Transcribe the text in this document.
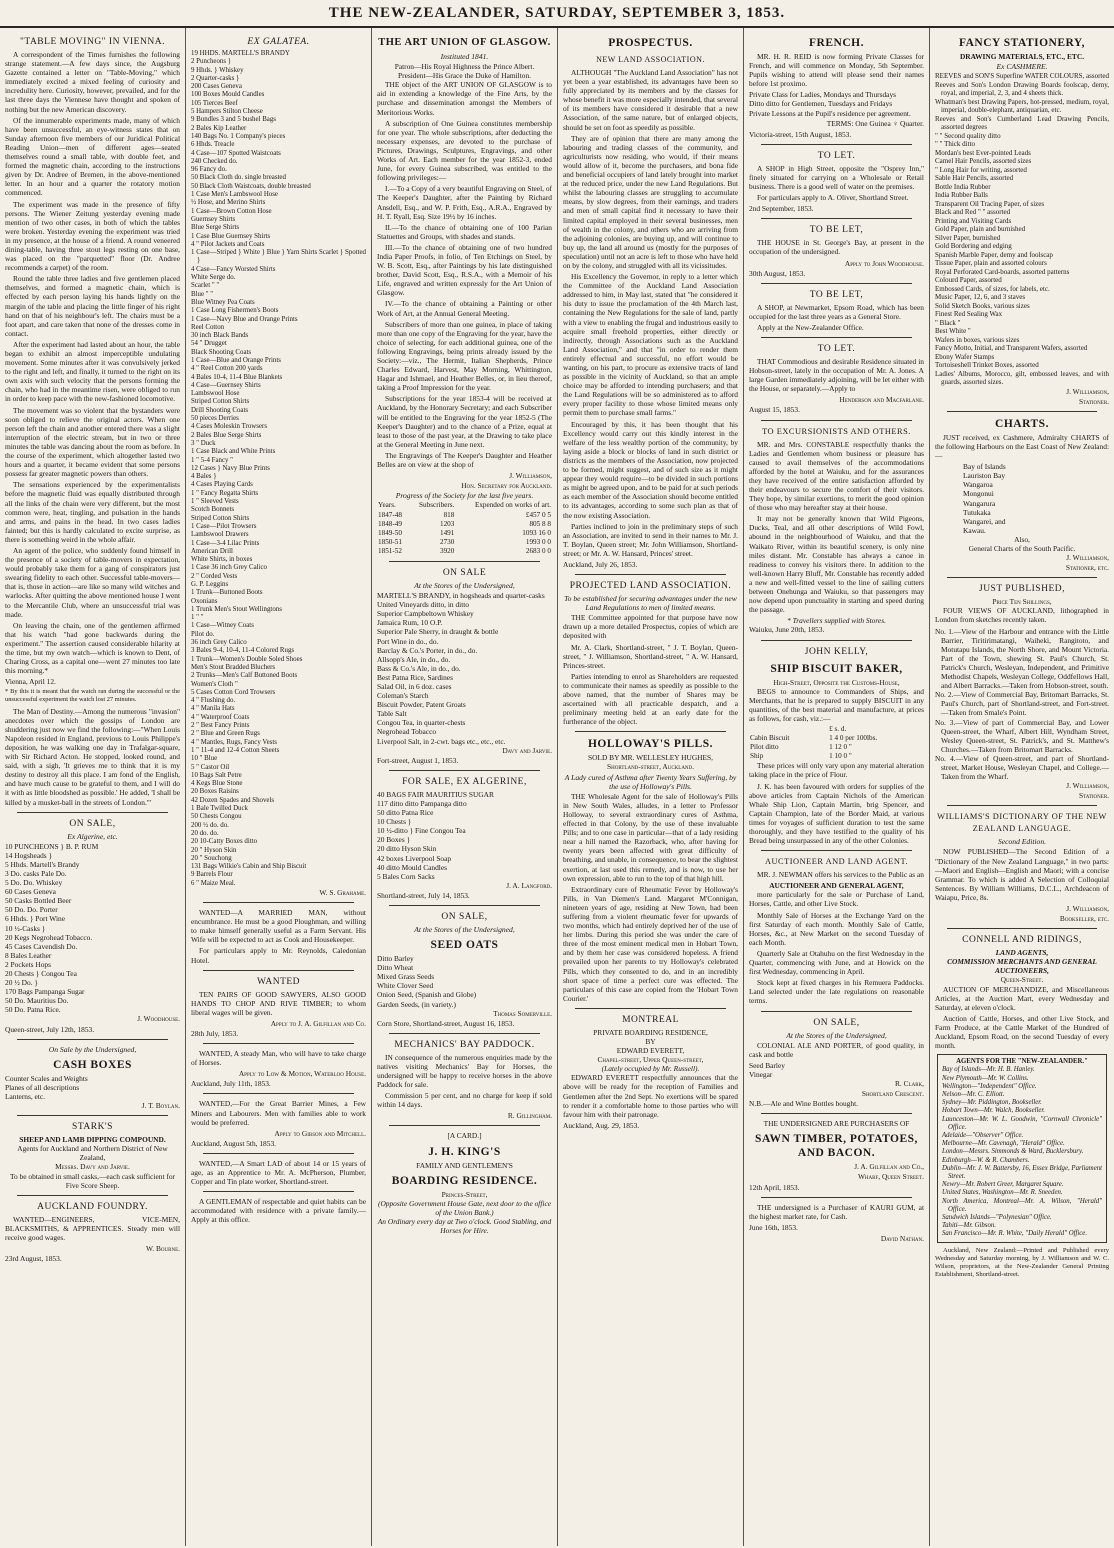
THE NEW-ZEALANDER, SATURDAY, SEPTEMBER 3, 1853.
"TABLE MOVING" IN VIENNA.

A correspondent of the Times furnishes the following strange statement.—A few days since, the Augsburg Gazette contained a letter on "Table-Moving," which immediately excited a mixed feeling of curiosity and incredulity here. Curiosity, however, prevailed, and for the last three days the Viennese have thought and spoken of nothing but the new American discovery.

Of the innumerable experiments made, many of which have been unsuccessful, an eye-witness states that on Sunday afternoon five members of our Juridical Political Reading Union—men of different ages—seated themselves round a small table, with double feet, and formed the magnetic chain, according to the instructions given by Dr. Andree of Bremen, in the above-mentioned letter. In an hour and a quarter the rotatory motion commenced.

The experiment was made in the presence of fifty persons. The Wiener Zeitung yesterday evening made mention of two other cases, in both of which the tables were broken. Yesterday evening the experiment was tried in my presence, at the house of a friend. A round veneered dining-table, having three stout legs resting on one base, was placed on the "parquetted" floor (Dr. Andree recommends a carpet) of the room.

Round the table three ladies and five gentlemen placed themselves, and formed a magnetic chain, which is effected by each person laying his hands lightly on the margin of the table and placing the little finger of his right hand on that of his neighbour's left. The chairs must be a foot apart, and care taken that none of the dresses come in contact.

After the experiment had lasted about an hour, the table began to exhibit an almost imperceptible undulating movement. Some minutes after it was convulsively jerked to the right and left, and finally, it turned to the right on its own axis with such velocity that the persons forming the chain, who had in the meantime risen, were obliged to run in order to keep pace with the new-fashioned locomotive.

The movement was so violent that the bystanders were soon obliged to relieve the original actors. When one person left the chain and another entered there was a slight interruption of the electric stream, but in two or three minutes the table was dancing about the room as before. In the course of the experiment, which altogether lasted two hours and a quarter, it became evident that some persons possess far greater magnetic powers than others.

The sensations experienced by the experimentalists before the magnetic fluid was equally distributed through all the links of the chain were very different, but the most common were, heat, tingling, and pulsation in the hands and arms, and pains in the head. In two cases ladies fainted; but this is hardly calculated to excite surprise, as there is something weird in the whole affair.

An agent of the police, who suddenly found himself in the presence of a society of table-movers in expectation, would probably take them for a gang of conspirators just swearing fidelity to each other. Successful table-movers—that is, those in action—are like so many wild witches and warlocks. After quitting the above mentioned house I went to the Mercantile Club, where an unsuccessful trial was made.

On leaving the chain, one of the gentlemen affirmed that his watch "had gone backwards during the experiment." The assertion caused considerable hilarity at the time, but my own watch—which is known to Dent, of Charing Cross, as a capital one—went 27 minutes too late this morning.*

Vienna, April 12.

* By this it is meant that the watch ran during the successful or the unsuccessful experiment the watch lost 27 minutes.

The Man of Destiny.—Among the numerous "invasion" anecdotes over which the gossips of London are shuddering just now we find the following:—"When Louis Napoleon resided in England, previous to Louis Philippe's deposition, he was walking one day in Trafalgar-square, with Sir Richard Acton. He stopped, looked round, and said, with a sigh, 'It grieves me to think that it is my destiny to destroy all this place. I am fond of the English, and have much cause to be grateful to them, and I will do it with as little bloodshed as possible.' He added, 'I shall be killed by a musket-ball in the streets of London.'"

ON SALE,
Ex Algerine, etc.

10 PUNCHEONS } B. P. RUM

14 Hogsheads }

5 Hhds. Martell's Brandy

3 Do. casks Pale Do.

5 Do. Do. Whiskey

60 Cases Geneva

50 Casks Bottled Beer

50 Do. Do. Porter

6 Hhds. } Port Wine

10 ½-Casks }

20 Kegs Negrohead Tobacco.

45 Cases Cavendish Do.

8 Bales Leather

2 Pockets Hops

20 Chests } Congou Tea

20 ½ Do. }

170 Bags Pampanga Sugar

50 Do. Mauritius Do.

50 Do. Patna Rice.

J. Woodhouse.

Queen-street, July 12th, 1853.

On Sale by the Undersigned,
CASH BOXES

Counter Scales and Weights

Planes of all descriptions

Lanterns, etc.

J. T. Boylan.

STARK'S

SHEEP AND LAMB DIPPING COMPOUND.

Agents for Auckland and Northern District of New Zealand,

Messrs. Davy and Jarvie.

To be obtained in small casks,—each cask sufficient for Five Score Sheep.

AUCKLAND FOUNDRY.

WANTED—ENGINEERS, VICE-MEN, BLACKSMITHS, & APPRENTICES. Steady men will receive good wages.

W. Bourne.

23rd August, 1853.

EX GALATEA.

19 HHDS. MARTELL'S BRANDY

2 Puncheons }

9 Hhds. } Whiskey

2 Quarter-casks }

200 Cases Geneva

100 Boxes Mould Candles

105 Tierces Beef

5 Hampers Stilton Cheese

9 Bundles 3 and 5 bushel Bags

2 Bales Kip Leather

140 Bags No. 1 Company's pieces

6 Hhds. Treacle

4 Case—107 Spotted Waistcoats

240 Checked do.

96 Fancy do.

50 Black Cloth do. single breasted

50 Black Cloth Waistcoats, double breasted

1 Case Men's Lambswool Hose

½ Hose, and Merino Shirts

1 Case—Brown Cotton Hose

Guernsey Shirts

Blue Serge Shirts

1 Case Blue Guernsey Shirts

4 " Pilot Jackets and Coats

1 Case—Striped } White } Blue } Yarn Shirts Scarlet } Spotted }

4 Case—Fancy Worsted Shirts

White Serge do.

Scarlet " "

Blue " "

Blue Witney Pea Coats

1 Case Long Fishermen's Boots

1 Case—Navy Blue and Orange Prints

Reel Cotton

30 inch Black Bands

54 " Drugget

Black Shooting Coats

1 Case—Blue and Orange Prints

4 " Reel Cotton 200 yards

4 Bales 10-4, 11-4 Blue Blankets

4 Case—Guernsey Shirts

Lambswool Hose

Striped Cotton Shirts

Drill Shooting Coats

50 pieces Derries

4 Cases Moleskin Trowsers

2 Bales Blue Serge Shirts

3 " Duck

1 Case Black and White Prints

1 " 5-4 Fancy "

12 Cases } Navy Blue Prints

4 Bales }

4 Cases Playing Cards

1 " Fancy Regatta Shirts

1 " Sleeved Vests

Scotch Bonnets

Striped Cotton Shirts

1 Case—Pilot Trowsers

Lambswool Drawers

1 Case—3-4 Lilac Prints

American Drill

White Shirts, in boxes

1 Case 36 inch Grey Calico

2 " Corded Vests

G. P. Leggins

1 Trunk—Buttoned Boots

Oxonians

1 Trunk Men's Stout Wellingtons

1 " "

1 Case—Witney Coats

Pilot do.

36 inch Grey Calico

3 Bales 9-4, 10-4, 11-4 Colored Rugs

1 Trunk—Women's Double Soled Shoes

Men's Stout Bradded Bluchers

2 Trunks—Men's Calf Buttoned Boots

Women's Cloth "

5 Cases Cotton Cord Trowsers

4 " Flushing do.

4 " Manila Hats

4 " Waterproof Coats

2 " Best Fancy Prints

2 " Blue and Green Rugs

4 " Mantles, Rugs, Fancy Vests

1 " 11-4 and 12-4 Cotton Sheets

10 " Blue

5 " Castor Oil

10 Bags Salt Petre

4 Kegs Blue Stone

20 Boxes Raisins

42 Dozen Spades and Shovels

1 Bale Twilled Duck

50 Chests Congou

200 ½ do. do.

20 do. do.

20 10-Catty Boxes ditto

20 " Hyson Skin

20 " Souchong

131 Bags Wilkie's Cabin and Ship Biscuit

9 Barrels Flour

6 " Maize Meal.

W. S. Grahame.

WANTED—A MARRIED MAN, without encumbrance. He must be a good Ploughman, and willing to make himself generally useful as a Farm Servant. His Wife will be expected to act as Cook and Housekeeper.

For particulars apply to Mr. Reynolds, Caledonian Hotel.

WANTED

TEN PAIRS OF GOOD SAWYERS, ALSO GOOD HANDS TO CHOP AND RIVE TIMBER; to whom liberal wages will be given.

Apply to J. A. Gilfillan and Co.

28th July, 1853.

WANTED, A steady Man, who will have to take charge of Horses.

Apply to Low & Motion, Waterloo House.

Auckland, July 11th, 1853.

WANTED,—For the Great Barrier Mines, a Few Miners and Labourers. Men with families able to work would be preferred.

Apply to Gibson and Mitchell.

Auckland, August 5th, 1853.

WANTED,—A Smart LAD of about 14 or 15 years of age, as an Apprentice to Mr. A. McPherson, Plumber, Copper and Tin plate worker, Shortland-street.

A GENTLEMAN of respectable and quiet habits can be accommodated with residence with a private family.—Apply at this office.

THE ART UNION OF GLASGOW.
Instituted 1841.

Patron—His Royal Highness the Prince Albert.

President—His Grace the Duke of Hamilton.

THE object of the ART UNION OF GLASGOW is to aid in extending a knowledge of the Fine Arts, by the purchase and dissemination amongst the Members of Meritorious Works.

A subscription of One Guinea constitutes membership for one year. The whole subscriptions, after deducting the necessary expenses, are devoted to the purchase of Pictures, Drawings, Sculptures, Engravings, and other Works of Art. Each member for the year 1852-3, ended June, for every Guinea subscribed, was entitled to the following privileges:—

I.—To a Copy of a very beautiful Engraving on Steel, of The Keeper's Daughter, after the Painting by Richard Ansdell, Esq., and W. P. Frith, Esq., A.R.A., Engraved by H. T. Ryall, Esq. Size 19½ by 16 inches.

II.—To the chance of obtaining one of 100 Parian Statuettes and Groups, with shades and stands.

III.—To the chance of obtaining one of two hundred India Paper Proofs, in folio, of Ten Etchings on Steel, by W. B. Scott, Esq., after Paintings by his late distinguished brother, David Scott, Esq., R.S.A., with a Memoir of his Life, engraved and written expressly for the Art Union of Glasgow.

IV.—To the chance of obtaining a Painting or other Work of Art, at the Annual General Meeting.

Subscribers of more than one guinea, in place of taking more than one copy of the Engraving for the year, have the choice of selecting, for each additional guinea, one of the following Engravings, being prints already issued by the Society:—viz., The Hermit, Italian Shepherds, Prince Charles Edward, Harvest, May Morning, Whittington, Hagar and Ishmael, and Heather Belles, or, in lieu thereof, taking a Proof Impression for the year.

Subscriptions for the year 1853-4 will be received at Auckland, by the Honorary Secretary; and each Subscriber will be entitled to the Engraving for the year 1852-5 (The Keeper's Daughter) and to the chance of a Prize, equal at least to those of the past year, at the Drawing to take place at the General Meeting in June next.

The Engravings of The Keeper's Daughter and Heather Belles are on view at the shop of

J. Williamson,

Hon. Secretary for Auckland.

Progress of the Society for the last five years.
Years.	Subscribers.	Expended on works of art.
1847-48	818	£457 0 5
1848-49	1203	805 8 8
1849-50	1491	1093 16 0
1850-51	2730	1993 0 0
1851-52	3920	2683 0 0
ON SALE
At the Stores of the Undersigned,

MARTELL'S BRANDY, in hogsheads and quarter-casks

United Vineyards ditto, in ditto

Superior Campbeltown Whiskey

Jamaica Rum, 10 O.P.

Superior Pale Sherry, in draught & bottle

Port Wine in do., do.

Barclay & Co.'s Porter, in do., do.

Allsopp's Ale, in do., do.

Bass & Co.'s Ale, in do., do.

Best Patna Rice, Sardines

Salad Oil, in 6 doz. cases

Coleman's Starch

Biscuit Powder, Patent Groats

Table Salt

Congou Tea, in quarter-chests

Negrohead Tobacco

Liverpool Salt, in 2-cwt. bags etc., etc., etc.

Davy and Jarvie.

Fort-street, August 1, 1853.

FOR SALE, EX ALGERINE,

40 BAGS FAIR MAURITIUS SUGAR

117 ditto ditto Pampanga ditto

50 ditto Patna Rice

10 Chests }

10 ½-ditto } Fine Congou Tea

20 Boxes }

20 ditto Hyson Skin

42 boxes Liverpool Soap

40 ditto Mould Candles

5 Bales Corn Sacks

J. A. Langford.

Shortland-street, July 14, 1853.

ON SALE,
At the Stores of the Undersigned,
SEED OATS

Ditto Barley

Ditto Wheat

Mixed Grass Seeds

White Clover Seed

Onion Seed, (Spanish and Globe)

Garden Seeds, (in variety.)

Thomas Somerville.

Corn Store, Shortland-street, August 16, 1853.

MECHANICS' BAY PADDOCK.

IN consequence of the numerous enquiries made by the natives visiting Mechanics' Bay for Horses, the undersigned will be happy to receive horses in the above Paddock for sale.

Commission 5 per cent, and no charge for keep if sold within 14 days.

R. Gillingham.

[A CARD.]

J. H. KING'S

FAMILY AND GENTLEMEN'S

BOARDING RESIDENCE.

Princes-Street,

(Opposite Government House Gate, next door to the office of the Union Bank.)

An Ordinary every day at Two o'clock. Good Stabling, and Horses for Hire.

PROSPECTUS.
NEW LAND ASSOCIATION.

ALTHOUGH "The Auckland Land Association" has not yet been a year established, its advantages have been so fully appreciated by its members and by the classes for whose benefit it was more especially intended, that several of its members have considered it desirable that a new Association, of the same nature, but of enlarged objects, should be set on foot as speedily as possible.

They are of opinion that there are many among the labouring and trading classes of the community, and agriculturists now residing, who would, if their means would allow of it, become the purchasers, and bona fide and beneficial occupiers of land lately brought into market at the reduced price, under the new Land Regulations. But whilst the labouring classes are struggling to accumulate means, by slow degrees, from their earnings, and traders and men of small capital find it necessary to have their limited capital employed in their several businesses, men of wealth in the colony, and others who are arriving from the adjoining colonies, are buying up, and will continue to buy up, the land all around us (mostly for the purposes of speculation) until not an acre is left to those who have held on by the colony, and struggled with all its vicissitudes.

His Excellency the Governor, in reply to a letter which the Committee of the Auckland Land Association addressed to him, in May last, stated that "he considered it his duty to issue the proclamation of the 4th March last, containing the New Regulations for the sale of land, partly with a view to enabling the frugal and industrious easily to acquire small freehold properties, either directly or indirectly, through Associations such as the Auckland Land Association," and that "in order to render them entirely effectual and successful, no effort would be wanting, on his part, to procure as extensive tracts of land as possible in the vicinity of Auckland, so that an ample choice may be afforded to intending purchasers; and that the Land Regulations will be so administered as to afford every proper facility to those whose limited means only permit them to purchase small farms."

Encouraged by this, it has been thought that his Excellency would carry out this kindly interest in the welfare of the less wealthy portion of the community, by laying aside a block or blocks of land in such district or districts as the members of the Association, now projected to be formed, might suggest, and of such size as it might appear they would require—to be divided in such portions as might be agreed upon, and to be paid for at such periods as each member of the Association should become entitled to its advantages, according to some such plan as that of the now existing Association.

Parties inclined to join in the preliminary steps of such an Association, are invited to send in their names to Mr. J. T. Boylan, Queen street; Mr. John Williamson, Shortland-street; or Mr. A. W. Hansard, Princes' street.

Auckland, July 26, 1853.

PROJECTED LAND ASSOCIATION.
To be established for securing advantages under the new Land Regulations to men of limited means.

THE Committee appointed for that purpose have now drawn up a more detailed Prospectus, copies of which are deposited with

Mr. A. Clark, Shortland-street, " J. T. Boylan, Queen-street, " J. Williamson, Shortland-street, " A. W. Hansard, Princes-street.

Parties intending to enrol as Shareholders are requested to communicate their names as speedily as possible to the above named, that the number of Shares may be ascertained with all practicable despatch, and a preliminary meeting held at an early date for the furtherance of the object.

HOLLOWAY'S PILLS.

SOLD BY MR. WELLESLEY HUGHES,

Shortland-street, Auckland.

A Lady cured of Asthma after Twenty Years Suffering, by the use of Holloway's Pills.

THE Wholesale Agent for the sale of Holloway's Pills in New South Wales, alludes, in a letter to Professor Holloway, to several extraordinary cures of Asthma, effected in that Colony, by the use of these invaluable Pills; and to one case in particular—that of a lady residing near a hill named the Razorback, who, after having for twenty years been affected with great difficulty of breathing, and unable, in consequence, to bear the slightest exertion, at last used this remedy, and is now, to use her own expression, able to run to the top of that high hill.

Extraordinary cure of Rheumatic Fever by Holloway's Pills, in Van Diemen's Land. Margaret M'Connigan, nineteen years of age, residing at New Town, had been suffering from a violent rheumatic fever for upwards of two months, which had entirely deprived her of the use of her limbs. During this period she was under the care of three of the most eminent medical men in Hobart Town, and by them her case was considered hopeless. A friend prevailed upon her parents to try Holloway's celebrated Pills, which they consented to do, and in an incredibly short space of time a perfect cure was effected. The particulars of this case are copied from the 'Hobart Town Courier.'

MONTREAL

PRIVATE BOARDING RESIDENCE,

BY

EDWARD EVERETT,

Chapel-street, Upper Queen-street,

(Lately occupied by Mr. Russell).

EDWARD EVERETT respectfully announces that the above will be ready for the reception of Families and Gentlemen after the 2nd Sept. No exertions will be spared to render it a comfortable home to those parties who will favour him with their patronage.

Auckland, Aug. 29, 1853.

FRENCH.

MR. H. R. REID is now forming Private Classes for French, and will commence on Monday, 5th September. Pupils wishing to attend will please send their names before 1st proximo.

Private Class for Ladies, Mondays and Thursdays

Ditto ditto for Gentlemen, Tuesdays and Fridays

Private Lessons at the Pupil's residence per agreement.

TERMS: One Guinea ♀ Quarter.

Victoria-street, 15th August, 1853.

TO LET.

A SHOP in High Street, opposite the "Osprey Inn," finely situated for carrying on a Wholesale or Retail business. There is a good well of water on the premises.

For particulars apply to A. Oliver, Shortland Street.

2nd September, 1853.

TO BE LET,

THE HOUSE in St. George's Bay, at present in the occupation of the undersigned.

Apply to John Woodhouse.

30th August, 1853.

TO BE LET,

A SHOP, at Newmarket, Epsom Road, which has been occupied for the last three years as a General Store.

Apply at the New-Zealander Office.

TO LET.

THAT Commodious and desirable Residence situated in Hobson-street, lately in the occupation of Mr. A. Jones. A large Garden immediately adjoining, will be let either with the House, or separately.—Apply to

Henderson and Macfarlane.

August 15, 1853.

TO EXCURSIONISTS AND OTHERS.

MR. and Mrs. CONSTABLE respectfully thanks the Ladies and Gentlemen whom business or pleasure has caused to avail themselves of the accommodations afforded by the hotel at Waiuku, and for the assurances they have received of the entire satisfaction afforded by their endeavours to secure the comfort of their visitors. They hope, by similar exertions, to merit the good opinion of those who may hereafter stay at their house.

It may not be generally known that Wild Pigeons, Ducks, Teal, and all other descriptions of Wild Fowl, abound in the neighbourhood of Waiuku, and that the Waikato River, within its beautiful scenery, is only nine miles distant. Mr. Constable has always a canoe in readiness to convey his visitors there. In addition to the well-known Harry Bluff, Mr. Constable has recently added a new and well-fitted vessel to the line of sailing cutters between Onehunga and Waiuku, so that passengers may now depend upon punctuality in starting and speed during the passage.

* Travellers supplied with Stores.

Waiuku, June 20th, 1853.

JOHN KELLY,
SHIP BISCUIT BAKER,

High-Street, Opposite the Customs-House,

BEGS to announce to Commanders of Ships, and Merchants, that he is prepared to supply BISCUIT in any quantities, of the best material and manufacture, at prices as follows, for cash, viz.:—

	£ s. d.
Cabin Biscuit	1 4 0 per 100lbs.
Pilot ditto	1 12 0 "
Ship	1 10 0 "

These prices will only vary upon any material alteration taking place in the price of Flour.

J. K. has been favoured with orders for supplies of the above articles from Captain Nichols of the American Whale Ship Lion, Captain Martin, brig Spencer, and Captain Champion, late of the Border Maid, at various times for voyages of sufficient duration to test the same thoroughly, and they have testified to the quality of his Bread being unsurpassed in any of the other Colonies.

AUCTIONEER AND LAND AGENT.

MR. J. NEWMAN offers his services to the Public as an

AUCTIONEER AND GENERAL AGENT,

more particularly for the sale or Purchase of Land, Horses, Cattle, and other Live Stock.

Monthly Sale of Horses at the Exchange Yard on the first Saturday of each month. Monthly Sale of Cattle, Horses, &c., at New Market on the second Tuesday of each Month.

Quarterly Sale at Otahuhu on the first Wednesday in the Quarter, commencing with June, and at Howick on the first Wednesday, commencing in April.

Stock kept at fixed charges in his Remuera Paddocks. Land selected under the late regulations on reasonable terms.

ON SALE,
At the Stores of the Undersigned,

COLONIAL ALE AND PORTER, of good quality, in cask and bottle

Seed Barley

Vinegar

R. Clark,

Shortland Crescent.

N.B.—Ale and Wine Bottles bought.

THE UNDERSIGNED ARE PURCHASERS OF

SAWN TIMBER, POTATOES, AND BACON.

J. A. Gilfillan and Co.,

Wharf, Queen Street.

12th April, 1853.

THE undersigned is a Purchaser of KAURI GUM, at the highest market rate, for Cash.

June 16th, 1853.

David Nathan.

FANCY STATIONERY,

DRAWING MATERIALS, ETC., ETC.

Ex CASHMERE.

REEVES and SON'S Superfine WATER COLOURS, assorted

Reeves and Son's London Drawing Boards foolscap, demy, royal, and imperial, 2, 3, and 4 sheets thick.

Whatman's best Drawing Papers, hot-pressed, medium, royal, imperial, double-elephant, antiquarian, etc.

Reeves and Son's Cumberland Lead Drawing Pencils, assorted degrees

" " Second quality ditto

" " Thick ditto

Mordan's best Ever-pointed Leads

Camel Hair Pencils, assorted sizes

" Long Hair for writing, assorted

Sable Hair Pencils, assorted

Bottle India Rubber

India Rubber Balls

Transparent Oil Tracing Paper, of sizes

Black and Red " " assorted

Printing and Visiting Cards

Gold Paper, plain and burnished

Silver Paper, burnished

Gold Bordering and edging

Spanish Marble Paper, demy and foolscap

Tissue Paper, plain and assorted colours

Royal Perforated Card-boards, assorted patterns

Colourd Paper, assorted

Embossed Cards, of sizes, for labels, etc.

Music Paper, 12, 6, and 3 staves

Solid Sketch Books, various sizes

Finest Red Sealing Wax

" Black "

Best White "

Wafers in boxes, various sizes

Fancy Motto, Initial, and Transparent Wafers, assorted

Ebony Wafer Stamps

Tortoiseshell Trinket Boxes, assorted

Ladies' Albums, Morocco, gilt, embossed leaves, and with guards, assorted sizes.

J. Williamson,

Stationer.

CHARTS.

JUST received, ex Cashmere, Admiralty CHARTS of the following Harbours on the East Coast of New Zealand:—

Bay of Islands

Lauriston Bay

Wangaroa

Mongonui

Wangarura

Tutukaka

Wangarei, and

Kawau.

Also,

General Charts of the South Pacific.

J. Williamson,

Stationer, etc.

JUST PUBLISHED,

Price Ten Shillings,

FOUR VIEWS OF AUCKLAND, lithographed in London from sketches recently taken.

No. 1.—View of the Harbour and entrance with the Little Barrier, Tiritirimatangi, Waiheki, Rangitoto, and Motutapu Islands, the North Shore, and Mount Victoria. Part of the Town, shewing St. Paul's Church, St. Patrick's Church, Wesleyan, Independent, and Primitive Methodist Chapels, Wesleyan College, Oddfellows Hall, and Albert Barracks.—Taken from Hobson-street, south.

No. 2.—View of Commercial Bay, Britomart Barracks, St. Paul's Church, part of Shortland-street, and Fort-street.—Taken from Smale's Point.

No. 3.—View of part of Commercial Bay, and Lower Queen-street, the Wharf, Albert Hill, Wyndham Street, Wesley Queen-street, St. Patrick's, and St. Matthew's Churches.—Taken from Britomart Barracks.

No. 4.—View of Queen-street, and part of Shortland-street, Market House, Wesleyan Chapel, and College.—Taken from the Wharf.

J. Williamson,

Stationer.

WILLIAMS'S DICTIONARY OF THE NEW ZEALAND LANGUAGE.
Second Edition.

NOW PUBLISHED—The Second Edition of a "Dictionary of the New Zealand Language," in two parts:—Maori and English—English and Maori; with a concise Grammar. To which is added A Selection of Colloquial Sentences. By William Williams, D.C.L., Archdeacon of Waiapu, Price, 8s.

J. Williamson,

Bookseller, etc.

CONNELL AND RIDINGS,

LAND AGENTS,

COMMISSION MERCHANTS AND GENERAL AUCTIONEERS,

Queen-Street.

AUCTION OF MERCHANDIZE, and Miscellaneous Articles, at the Auction Mart, every Wednesday and Saturday, at eleven o'clock.

Auction of Cattle, Horses, and other Live Stock, and Farm Produce, at the Cattle Market of the Hundred of Auckland, Epsom Road, on the second Tuesday of every month.

AGENTS FOR THE "NEW-ZEALANDER."

Bay of Islands—Mr. H. B. Hanley.

New Plymouth—Mr. W. Collins.

Wellington—"Independent" Office.

Nelson—Mr. C. Elliott.

Sydney—Mr. Piddington, Bookseller.

Hobart Town—Mr. Walch, Bookseller.

Launceston—Mr. W. L. Goodwin, "Cornwall Chronicle" Office.

Adelaide—"Observer" Office.

Melbourne—Mr. Cavenagh, "Herald" Office.

London—Messrs. Simmonds & Ward, Bucklersbury.

Edinburgh—W. & R. Chambers.

Dublin—Mr. J. W. Battersby, 16, Essex Bridge, Parliament Street.

Newry—Mr. Robert Greer, Margaret Square.

United States, Washington—Mr. R. Sneeden.

North America, Montreal—Mr. A. Wilson, "Herald" Office.

Sandwich Islands—"Polynesian" Office.

Tahiti—Mr. Gibson.

San Francisco—Mr. R. White, "Daily Herald" Office.

Auckland, New Zealand:—Printed and Published every Wednesday and Saturday morning, by J. Williamson and W. C. Wilson, proprietors, at the New-Zealander General Printing Establishment, Shortland-street.
